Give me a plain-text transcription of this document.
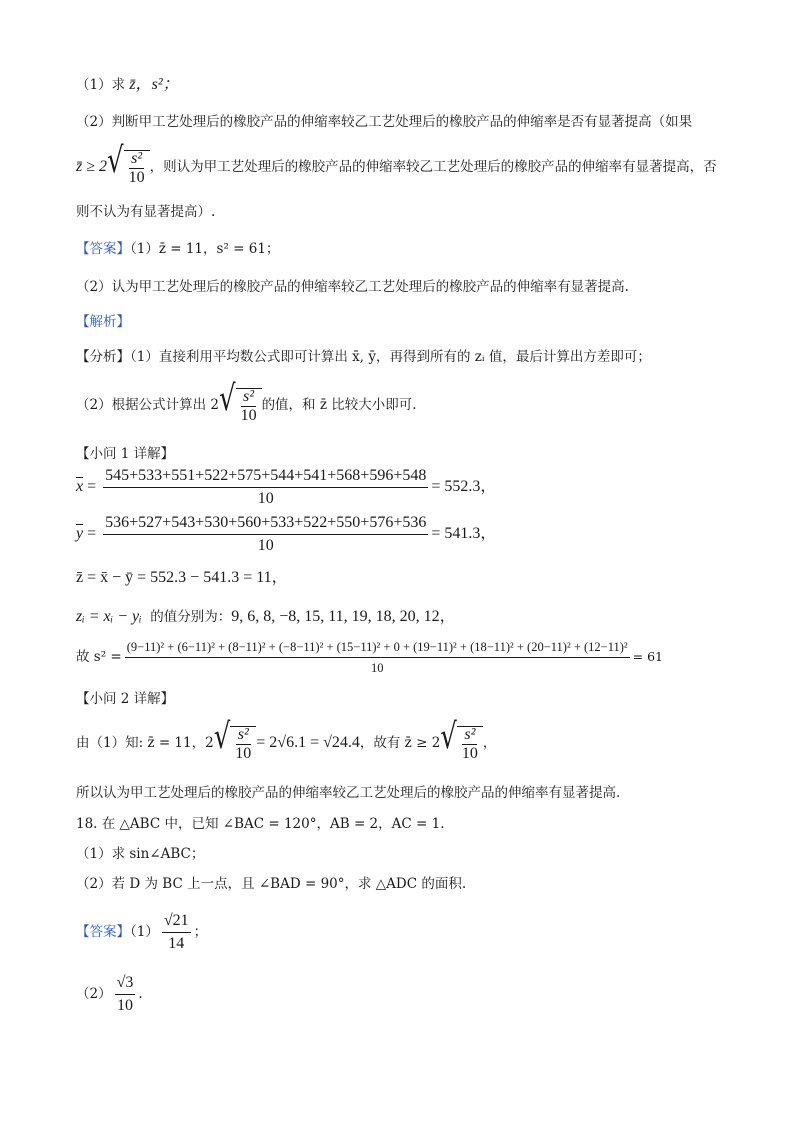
（1）求 z̄，s²；
（2）判断甲工艺处理后的橡胶产品的伸缩率较乙工艺处理后的橡胶产品的伸缩率是否有显著提高（如果
z̄ ≥ 2 √ $\frac{\text{s²}}{10}$ ，则认为甲工艺处理后的橡胶产品的伸缩率较乙工艺处理后的橡胶产品的伸缩率有显著提高，否
则不认为有显著提高）.
【答案】（1）z̄ = 11，s² = 61；
（2）认为甲工艺处理后的橡胶产品的伸缩率较乙工艺处理后的橡胶产品的伸缩率有显著提高.
【解析】
【分析】（1）直接利用平均数公式即可计算出 x̄, ȳ，再得到所有的 zᵢ 值，最后计算出方差即可；
（2）根据公式计算出 2 √ $\frac{\text{s²}}{10}$ 的值，和 z̄ 比较大小即可.
【小问 1 详解】
$\overline{x} = \frac{545+533+551+522+575+544+541+568+596+548}{10} = 552.3$，
$\overline{y} = \frac{536+527+543+530+560+533+522+550+576+536}{10} = 541.3$，
z̄ = x̄ − ȳ = 552.3 − 541.3 = 11，
zᵢ = xᵢ − yᵢ 的值分别为：9, 6, 8, −8, 15, 11, 19, 18, 20, 12，
故 s² =
(9−11)² + (6−11)² + (8−11)² + (−8−11)² + (15−11)² + 0 + (19−11)² + (18−11)² + (20−11)² + (12−11)²
10
= 61
【小问 2 详解】
由（1）知: z̄ = 11，2 √ $\frac{\text{s²}}{10} = 2√6.1 = √24.4$，故有 z̄ ≥ 2 √ $\frac{\text{s²}}{10}$ ，
所以认为甲工艺处理后的橡胶产品的伸缩率较乙工艺处理后的橡胶产品的伸缩率有显著提高.
18. 在 △ABC 中，已知 ∠BAC = 120°，AB = 2，AC = 1.
（1）求 sin∠ABC；
（2）若 D 为 BC 上一点，且 ∠BAD = 90°，求 △ADC 的面积.
【答案】$(1) \frac{√21}{14}$ ；
$(2) \frac{√3}{10}$ .
